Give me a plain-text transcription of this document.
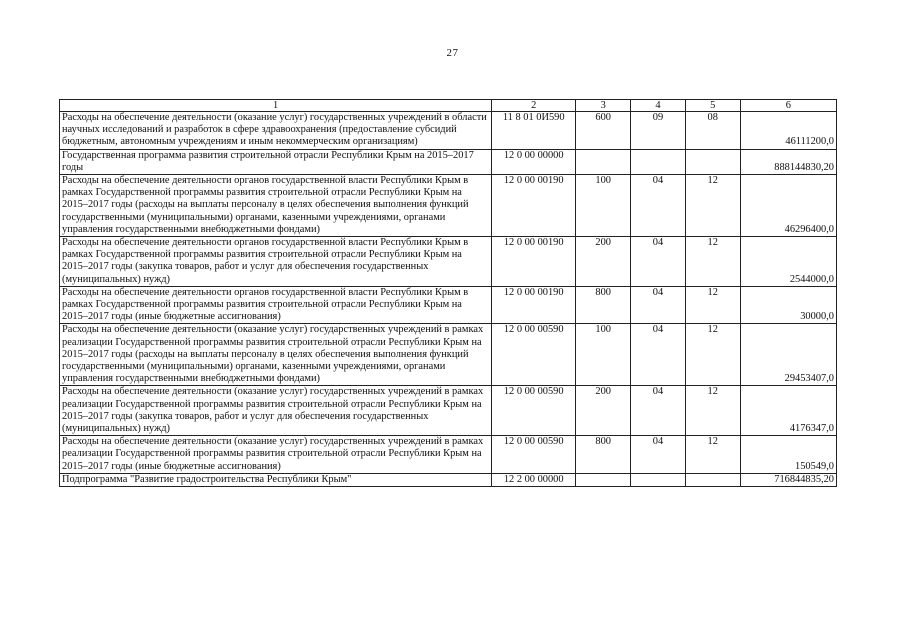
27
1	2	3	4	5	6
Расходы на обеспечение деятельности (оказание услуг) государственных учреждений в области научных исследований и разработок в сфере здравоохранения (предоставление субсидий бюджетным, автономным учреждениям и иным некоммерческим организациям)	11 8 01 0И590	600	09	08	46111200,0
Государственная программа развития строительной отрасли Республики Крым на 2015–2017 годы	12 0 00 00000				888144830,20
Расходы на обеспечение деятельности органов государственной власти Республики Крым в рамках Государственной программы развития строительной отрасли Республики Крым на 2015–2017 годы (расходы на выплаты персоналу в целях обеспечения выполнения функций государственными (муниципальными) органами, казенными учреждениями, органами управления государственными внебюджетными фондами)	12 0 00 00190	100	04	12	46296400,0
Расходы на обеспечение деятельности органов государственной власти Республики Крым в рамках Государственной программы развития строительной отрасли Республики Крым на 2015–2017 годы (закупка товаров, работ и услуг для обеспечения государственных (муниципальных) нужд)	12 0 00 00190	200	04	12	2544000,0
Расходы на обеспечение деятельности органов государственной власти Республики Крым в рамках Государственной программы развития строительной отрасли Республики Крым на 2015–2017 годы (иные бюджетные ассигнования)	12 0 00 00190	800	04	12	30000,0
Расходы на обеспечение деятельности (оказание услуг) государственных учреждений в рамках реализации Государственной программы развития строительной отрасли Республики Крым на 2015–2017 годы (расходы на выплаты персоналу в целях обеспечения выполнения функций государственными (муниципальными) органами, казенными учреждениями, органами управления государственными внебюджетными фондами)	12 0 00 00590	100	04	12	29453407,0
Расходы на обеспечение деятельности (оказание услуг) государственных учреждений в рамках реализации Государственной программы развития строительной отрасли Республики Крым на 2015–2017 годы (закупка товаров, работ и услуг для обеспечения государственных (муниципальных) нужд)	12 0 00 00590	200	04	12	4176347,0
Расходы на обеспечение деятельности (оказание услуг) государственных учреждений в рамках реализации Государственной программы развития строительной отрасли Республики Крым на 2015–2017 годы (иные бюджетные ассигнования)	12 0 00 00590	800	04	12	150549,0
Подпрограмма "Развитие градостроительства Республики Крым"	12 2 00 00000				716844835,20
